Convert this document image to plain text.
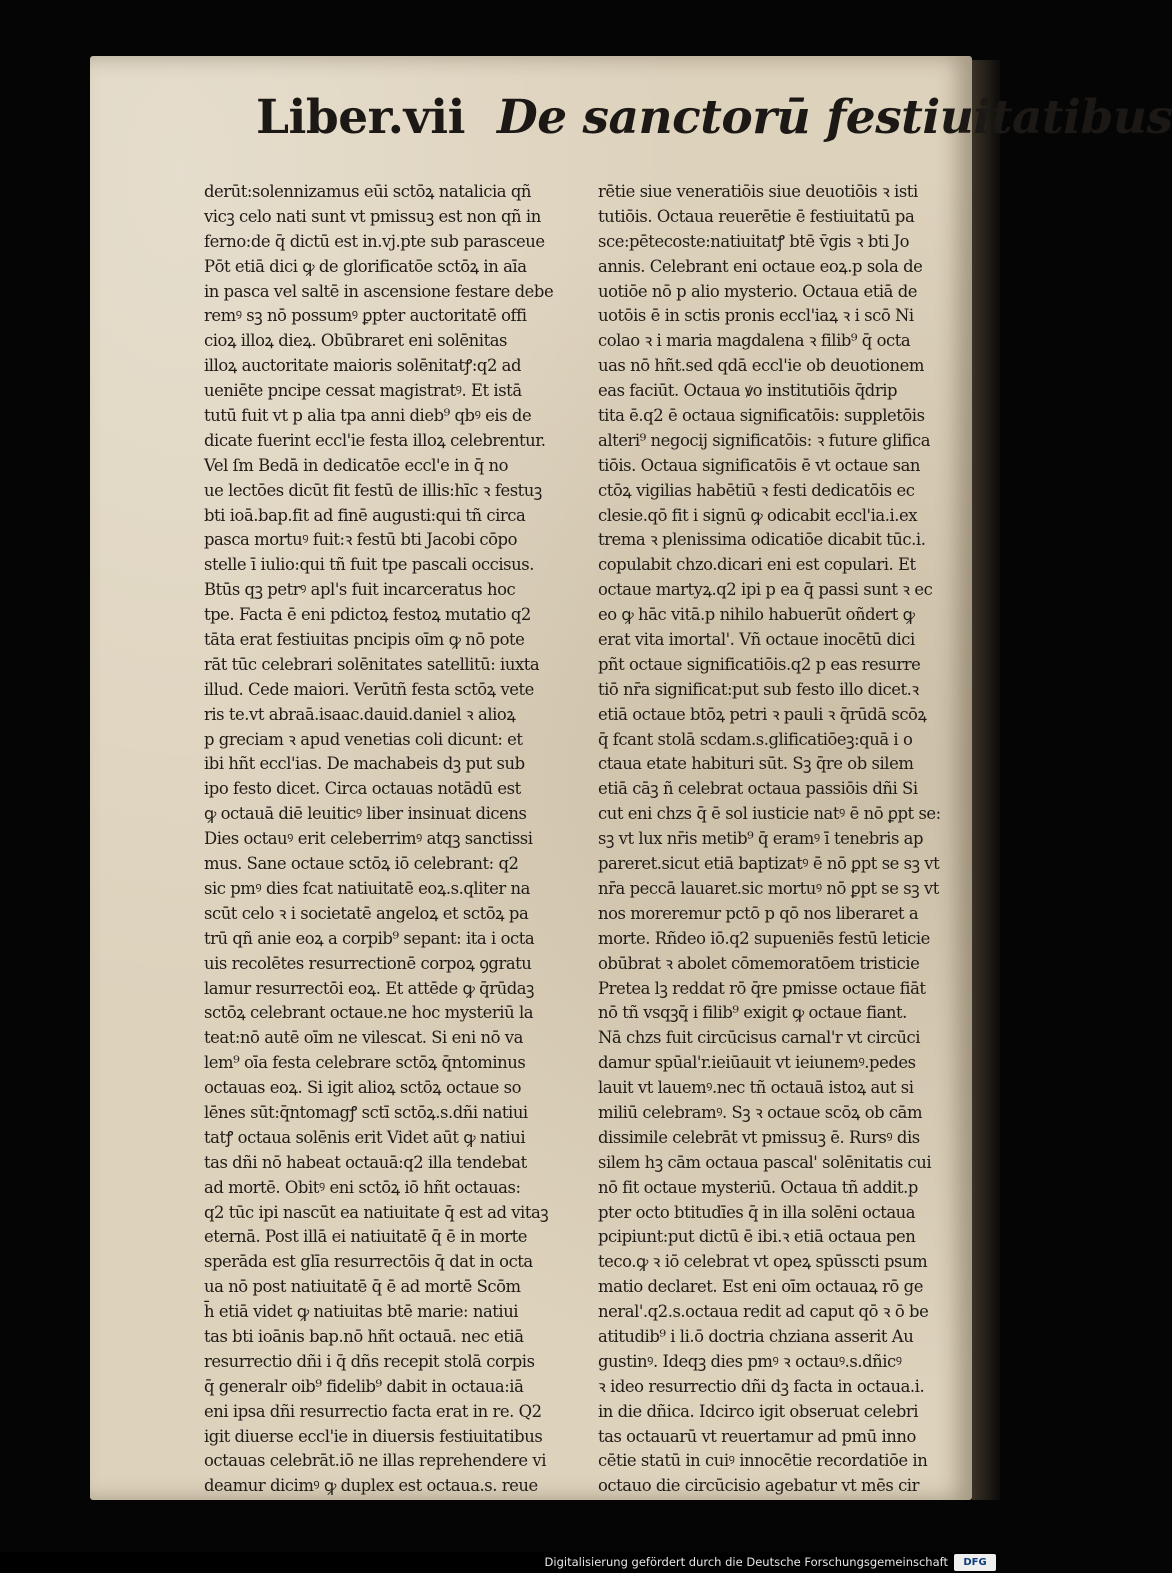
Liber.vii De sanctorū festiuitatibus
derūt:solennizamus eūi sctōꝝ natalicia qñ
vicꝫ celo nati sunt vt pmissuꝫ est non qñ in
ferno:de q̄ dictū est in.vj.pte sub parasceue
Pōt etiā dici ꝙ de glorificatōe sctōꝝ in aīa
in pasca vel saltē in ascensione festare debe
remꝰ sꝫ nō possumꝰ ꝑpter auctoritatē offi
cioꝝ illoꝝ dieꝝ. Obūbraret eni solēnitas
illoꝝ auctoritate maioris solēnitatꝭ:q2 ad
ueniēte pncipe cessat magistratꝰ. Et istā
tutū fuit vt p alia tpa anni dieb⁹ qbꝰ eis de
dicate fuerint eccl'ie festa illoꝝ celebrentur.
Vel ſm Bedā in dedicatōe eccl'e in q̄ no
ue lectōes dicūt fit festū de illis:hīc ꝛ festuꝫ
bti ioā.bap.fit ad finē augusti:qui tñ circa
pasca mortuꝰ fuit:ꝛ festū bti Jacobi cōpo
stelle ī iulio:qui tñ fuit tpe pascali occisus.
Btūs qꝫ petrꝰ apl's fuit incarceratus hoc
tpe. Facta ē eni pdictoꝝ festoꝝ mutatio q2
tāta erat festiuitas pncipis oīm ꝙ nō pote
rāt tūc celebrari solēnitates satellitū: iuxta
illud. Cede maiori. Verūtñ festa sctōꝝ vete
ris te.vt abraā.isaac.dauid.daniel ꝛ alioꝝ
p greciam ꝛ apud venetias coli dicunt: et
ibi hñt eccl'ias. De machabeis dꝫ put sub
ipo festo dicet. Circa octauas notādū est
ꝙ octauā diē leuiticꝰ liber insinuat dicens
Dies octauꝰ erit celeberrimꝰ atqꝫ sanctissi
mus. Sane octaue sctōꝝ iō celebrant: q2
sic pmꝰ dies fcat natiuitatē eoꝝ.s.qliter na
scūt celo ꝛ i societatē angeloꝝ et sctōꝝ pa
trū qñ anie eoꝝ a corpib⁹ sepant: ita i octa
uis recolētes resurrectionē corpoꝝ ꝯgratu
lamur resurrectōi eoꝝ. Et attēde ꝙ q̄rūdaꝫ
sctōꝝ celebrant octaue.ne hoc mysteriū la
teat:nō autē oīm ne vilescat. Si eni nō va
lem⁹ oīa festa celebrare sctōꝝ q̄ntominus
octauas eoꝝ. Si igit alioꝝ sctōꝝ octaue so
lēnes sūt:q̄ntomagꝭ sctī sctōꝝ.s.dñi natiui
tatꝭ octaua solēnis erit Videt aūt ꝙ natiui
tas dñi nō habeat octauā:q2 illa tendebat
ad mortē. Obitꝰ eni sctōꝝ iō hñt octauas:
q2 tūc ipi nascūt ea natiuitate q̄ est ad vitaꝫ
eternā. Post illā ei natiuitatē q̄ ē in morte
sperāda est glīa resurrectōis q̄ dat in octa
ua nō post natiuitatē q̄ ē ad mortē Scōm
h̄ etiā videt ꝙ natiuitas btē marie: natiui
tas bti ioānis bap.nō hñt octauā. nec etiā
resurrectio dñi i q̄ dñs recepit stolā corpis
q̄ generalr oib⁹ fidelib⁹ dabit in octaua:iā
eni ipsa dñi resurrectio facta erat in re. Q2
igit diuerse eccl'ie in diuersis festiuitatibus
octauas celebrāt.iō ne illas reprehendere vi
deamur dicimꝰ ꝙ duplex est octaua.s. reue
rētie siue veneratiōis siue deuotiōis ꝛ isti
tutiōis. Octaua reuerētie ē festiuitatū pa
sce:pētecoste:natiuitatꝭ btē v̄gis ꝛ bti Jo
annis. Celebrant eni octaue eoꝝ.p sola de
uotiōe nō p alio mysterio. Octaua etiā de
uotōis ē in sctis pronis eccl'iaꝝ ꝛ i scō Ni
colao ꝛ i maria magdalena ꝛ filib⁹ q̄ octa
uas nō hñt.sed qdā eccl'ie ob deuotionem
eas faciūt. Octaua ꝟo institutiōis q̄drip
tita ē.q2 ē octaua significatōis: suppletōis
alteri⁹ negocij significatōis: ꝛ future glifica
tiōis. Octaua significatōis ē vt octaue san
ctōꝝ vigilias habētiū ꝛ festi dedicatōis ec
clesie.qō fit i signū ꝙ odicabit eccl'ia.i.ex
trema ꝛ plenissima odicatiōe dicabit tūc.i.
copulabit chzo.dicari eni est copulari. Et
octaue martyꝝ.q2 ipi p ea q̄ passi sunt ꝛ ec
eo ꝙ hāc vitā.p nihilo habuerūt oñdert ꝙ
erat vita imortal'. Vñ octaue inocētū dici
pñt octaue significatiōis.q2 p eas resurre
tiō nr̄a significat:put sub festo illo dicet.ꝛ
etiā octaue btōꝝ petri ꝛ pauli ꝛ q̄rūdā scōꝝ
q̄ fcant stolā scdam.s.glificatiōeꝫ:quā i o
ctaua etate habituri sūt. Sꝫ q̄re ob silem
etiā cāꝫ ñ celebrat octaua passiōis dñi Si
cut eni chzs q̄ ē sol iusticie natꝰ ē nō ꝑpt se:
sꝫ vt lux nr̄is metib⁹ q̄ eramꝰ ī tenebris ap
pareret.sicut etiā baptizatꝰ ē nō ꝑpt se sꝫ vt
nr̄a peccā lauaret.sic mortuꝰ nō ꝑpt se sꝫ vt
nos moreremur pctō p qō nos liberaret a
morte. Rñdeo iō.q2 supueniēs festū leticie
obūbrat ꝛ abolet cōmemoratōem tristicie
Pretea lꝫ reddat rō q̄re pmisse octaue fiāt
nō tñ vsqꝫq̄ i filib⁹ exigit ꝙ octaue fiant.
Nā chzs fuit circūcisus carnal'r vt circūci
damur spūal'r.ieiūauit vt ieiunemꝰ.pedes
lauit vt lauemꝰ.nec tñ octauā istoꝝ aut si
miliū celebramꝰ. Sꝫ ꝛ octaue scōꝝ ob cām
dissimile celebrāt vt pmissuꝫ ē. Rursꝰ dis
silem hꝫ cām octaua pascal' solēnitatis cui
nō fit octaue mysteriū. Octaua tñ addit.p
pter octo btitudīes q̄ in illa solēni octaua
pcipiunt:put dictū ē ibi.ꝛ etiā octaua pen
teco.ꝙ ꝛ iō celebrat vt opeꝝ spūsscti psum
matio declaret. Est eni oīm octauaꝝ rō ge
neral'.q2.s.octaua redit ad caput qō ꝛ ō be
atitudib⁹ i li.ō doctria chziana asserit Au
gustinꝰ. Ideqꝫ dies pmꝰ ꝛ octauꝰ.s.dñicꝰ
ꝛ ideo resurrectio dñi dꝫ facta in octaua.i.
in die dñica. Idcirco igit obseruat celebri
tas octauarū vt reuertamur ad pmū inno
cētie statū in cuiꝰ innocētie recordatiōe in
octauo die circūcisio agebatur vt mēs cir
Digitalisierung gefördert durch die Deutsche Forschungsgemeinschaft	DFG
